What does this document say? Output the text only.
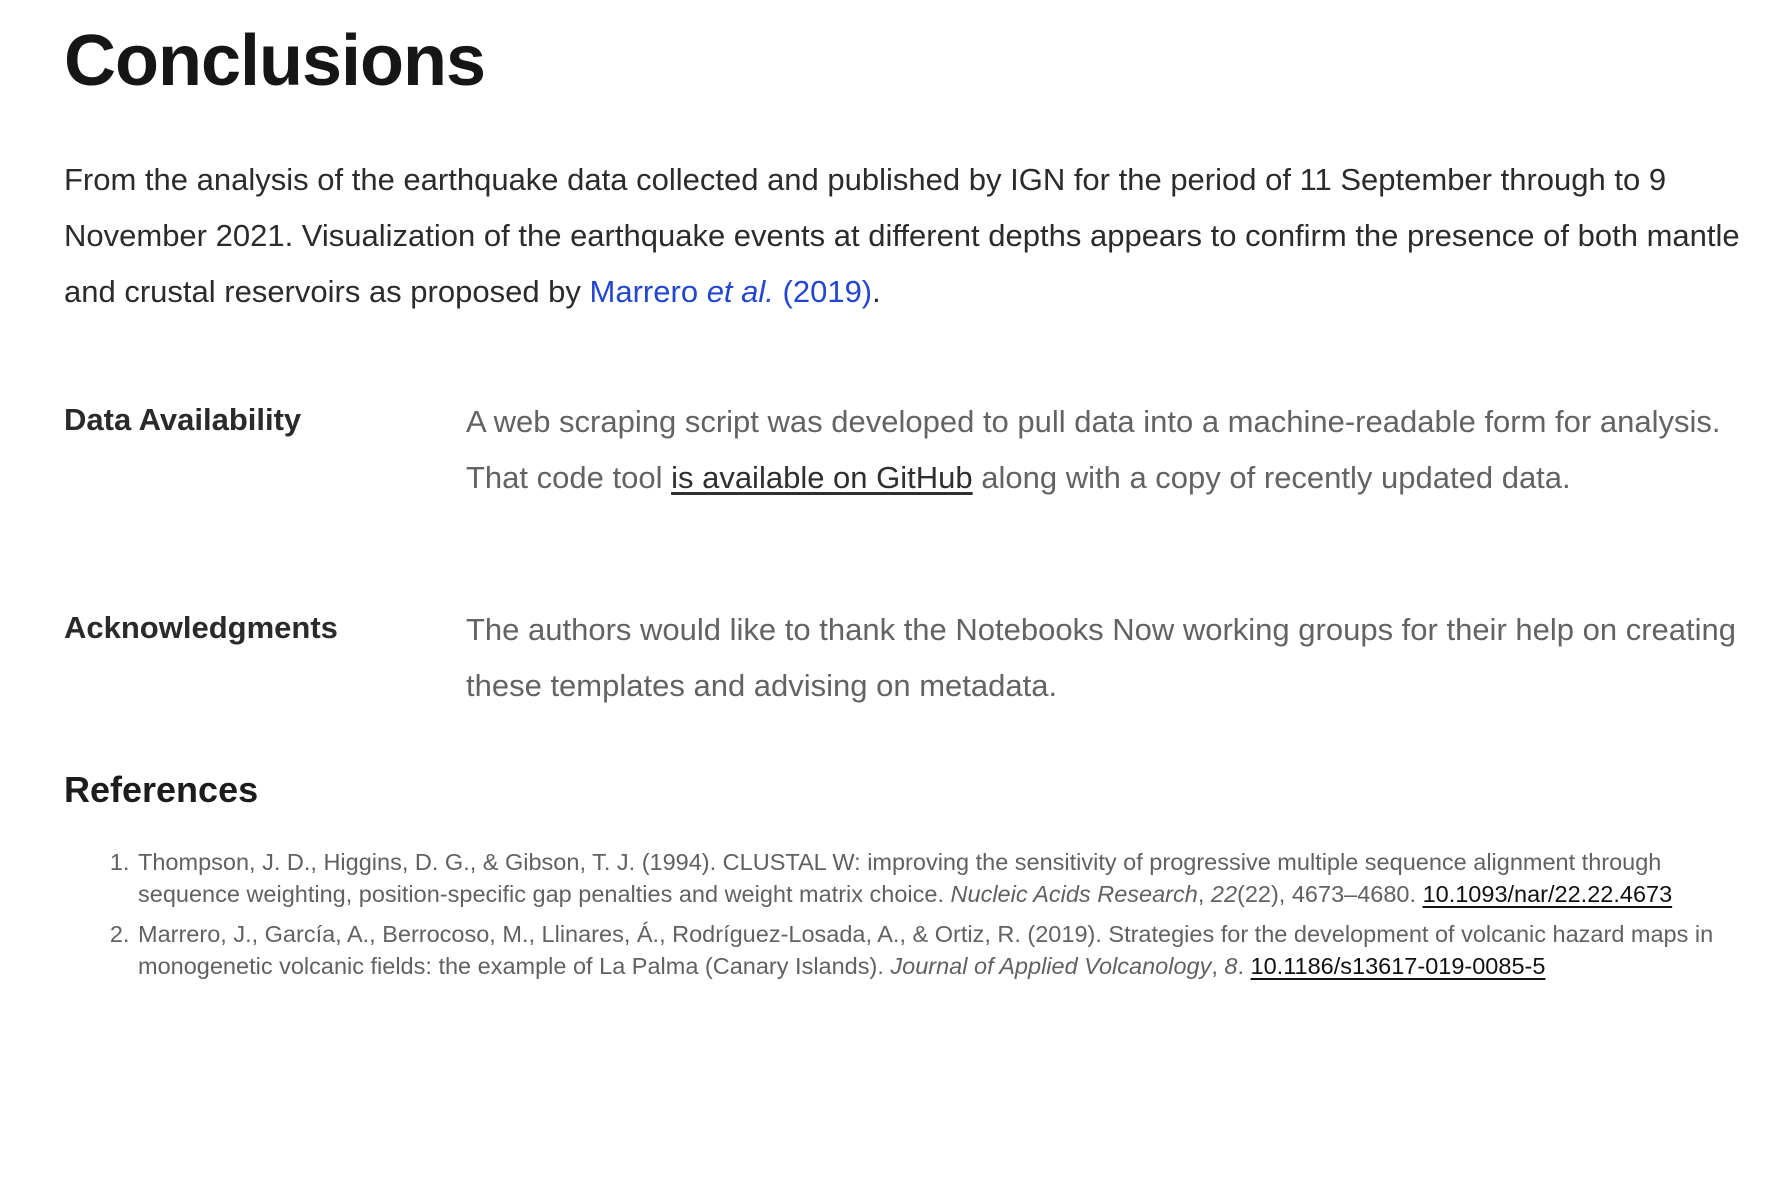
Conclusions

From the analysis of the earthquake data collected and published by IGN for the period of 11 September through to 9 November 2021. Visualization of the earthquake events at different depths appears to confirm the presence of both mantle and crustal reservoirs as proposed by Marrero et al. (2019).

Data Availability	A web scraping script was developed to pull data into a machine-readable form for analysis. That code tool is available on GitHub along with a copy of recently updated data.
Acknowledgments	The authors would like to thank the Notebooks Now working groups for their help on creating these templates and advising on metadata.
References
1. Thompson, J. D., Higgins, D. G., & Gibson, T. J. (1994). CLUSTAL W: improving the sensitivity of progressive multiple sequence alignment through sequence weighting, position-specific gap penalties and weight matrix choice. Nucleic Acids Research, 22(22), 4673–4680. 10.1093/nar/22.22.4673
2. Marrero, J., García, A., Berrocoso, M., Llinares, Á., Rodríguez-Losada, A., & Ortiz, R. (2019). Strategies for the development of volcanic hazard maps in monogenetic volcanic fields: the example of La Palma (Canary Islands). Journal of Applied Volcanology, 8. 10.1186/s13617-019-0085-5
